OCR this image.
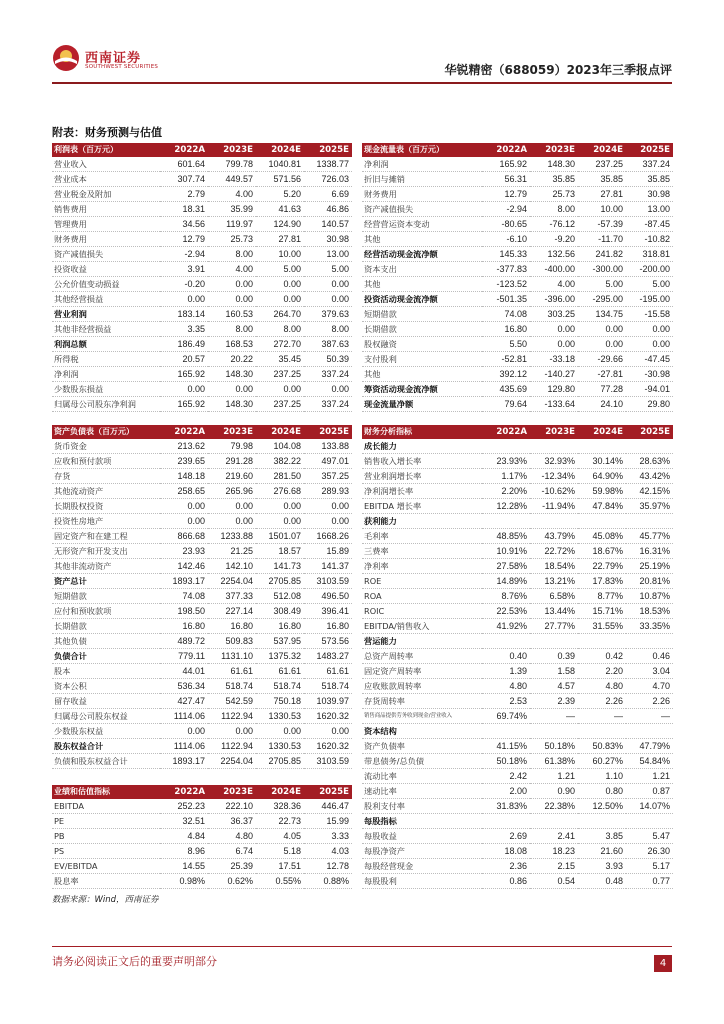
西南证券
SOUTHWEST SECURITIES	华锐精密（688059）2023年三季报点评
附表：财务预测与估值
利润表（百万元）	2022A	2023E	2024E	2025E
营业收入	601.64	799.78	1040.81	1338.77
营业成本	307.74	449.57	571.56	726.03
营业税金及附加	2.79	4.00	5.20	6.69
销售费用	18.31	35.99	41.63	46.86
管理费用	34.56	119.97	124.90	140.57
财务费用	12.79	25.73	27.81	30.98
资产减值损失	-2.94	8.00	10.00	13.00
投资收益	3.91	4.00	5.00	5.00
公允价值变动损益	-0.20	0.00	0.00	0.00
其他经营损益	0.00	0.00	0.00	0.00
营业利润	183.14	160.53	264.70	379.63
其他非经营损益	3.35	8.00	8.00	8.00
利润总额	186.49	168.53	272.70	387.63
所得税	20.57	20.22	35.45	50.39
净利润	165.92	148.30	237.25	337.24
少数股东损益	0.00	0.00	0.00	0.00
归属母公司股东净利润	165.92	148.30	237.25	337.24
现金流量表（百万元）	2022A	2023E	2024E	2025E
净利润	165.92	148.30	237.25	337.24
折旧与摊销	56.31	35.85	35.85	35.85
财务费用	12.79	25.73	27.81	30.98
资产减值损失	-2.94	8.00	10.00	13.00
经营营运资本变动	-80.65	-76.12	-57.39	-87.45
其他	-6.10	-9.20	-11.70	-10.82
经营活动现金流净额	145.33	132.56	241.82	318.81
资本支出	-377.83	-400.00	-300.00	-200.00
其他	-123.52	4.00	5.00	5.00
投资活动现金流净额	-501.35	-396.00	-295.00	-195.00
短期借款	74.08	303.25	134.75	-15.58
长期借款	16.80	0.00	0.00	0.00
股权融资	5.50	0.00	0.00	0.00
支付股利	-52.81	-33.18	-29.66	-47.45
其他	392.12	-140.27	-27.81	-30.98
筹资活动现金流净额	435.69	129.80	77.28	-94.01
现金流量净额	79.64	-133.64	24.10	29.80
资产负债表（百万元）	2022A	2023E	2024E	2025E
货币资金	213.62	79.98	104.08	133.88
应收和预付款项	239.65	291.28	382.22	497.01
存货	148.18	219.60	281.50	357.25
其他流动资产	258.65	265.96	276.68	289.93
长期股权投资	0.00	0.00	0.00	0.00
投资性房地产	0.00	0.00	0.00	0.00
固定资产和在建工程	866.68	1233.88	1501.07	1668.26
无形资产和开发支出	23.93	21.25	18.57	15.89
其他非流动资产	142.46	142.10	141.73	141.37
资产总计	1893.17	2254.04	2705.85	3103.59
短期借款	74.08	377.33	512.08	496.50
应付和预收款项	198.50	227.14	308.49	396.41
长期借款	16.80	16.80	16.80	16.80
其他负债	489.72	509.83	537.95	573.56
负债合计	779.11	1131.10	1375.32	1483.27
股本	44.01	61.61	61.61	61.61
资本公积	536.34	518.74	518.74	518.74
留存收益	427.47	542.59	750.18	1039.97
归属母公司股东权益	1114.06	1122.94	1330.53	1620.32
少数股东权益	0.00	0.00	0.00	0.00
股东权益合计	1114.06	1122.94	1330.53	1620.32
负债和股东权益合计	1893.17	2254.04	2705.85	3103.59
财务分析指标	2022A	2023E	2024E	2025E
成长能力				
销售收入增长率	23.93%	32.93%	30.14%	28.63%
营业利润增长率	1.17%	-12.34%	64.90%	43.42%
净利润增长率	2.20%	-10.62%	59.98%	42.15%
EBITDA 增长率	12.28%	-11.94%	47.84%	35.97%
获利能力				
毛利率	48.85%	43.79%	45.08%	45.77%
三费率	10.91%	22.72%	18.67%	16.31%
净利率	27.58%	18.54%	22.79%	25.19%
ROE	14.89%	13.21%	17.83%	20.81%
ROA	8.76%	6.58%	8.77%	10.87%
ROIC	22.53%	13.44%	15.71%	18.53%
EBITDA/销售收入	41.92%	27.77%	31.55%	33.35%
营运能力				
总资产周转率	0.40	0.39	0.42	0.46
固定资产周转率	1.39	1.58	2.20	3.04
应收账款周转率	4.80	4.57	4.80	4.70
存货周转率	2.53	2.39	2.26	2.26
销售商品提供劳务收到现金/营业收入	69.74%	—	—	—
资本结构				
资产负债率	41.15%	50.18%	50.83%	47.79%
带息债务/总负债	50.18%	61.38%	60.27%	54.84%
流动比率	2.42	1.21	1.10	1.21
速动比率	2.00	0.90	0.80	0.87
股利支付率	31.83%	22.38%	12.50%	14.07%
每股指标				
每股收益	2.69	2.41	3.85	5.47
每股净资产	18.08	18.23	21.60	26.30
每股经营现金	2.36	2.15	3.93	5.17
每股股利	0.86	0.54	0.48	0.77
业绩和估值指标	2022A	2023E	2024E	2025E
EBITDA	252.23	222.10	328.36	446.47
PE	32.51	36.37	22.73	15.99
PB	4.84	4.80	4.05	3.33
PS	8.96	6.74	5.18	4.03
EV/EBITDA	14.55	25.39	17.51	12.78
股息率	0.98%	0.62%	0.55%	0.88%
数据来源：Wind，西南证券
请务必阅读正文后的重要声明部分	4
